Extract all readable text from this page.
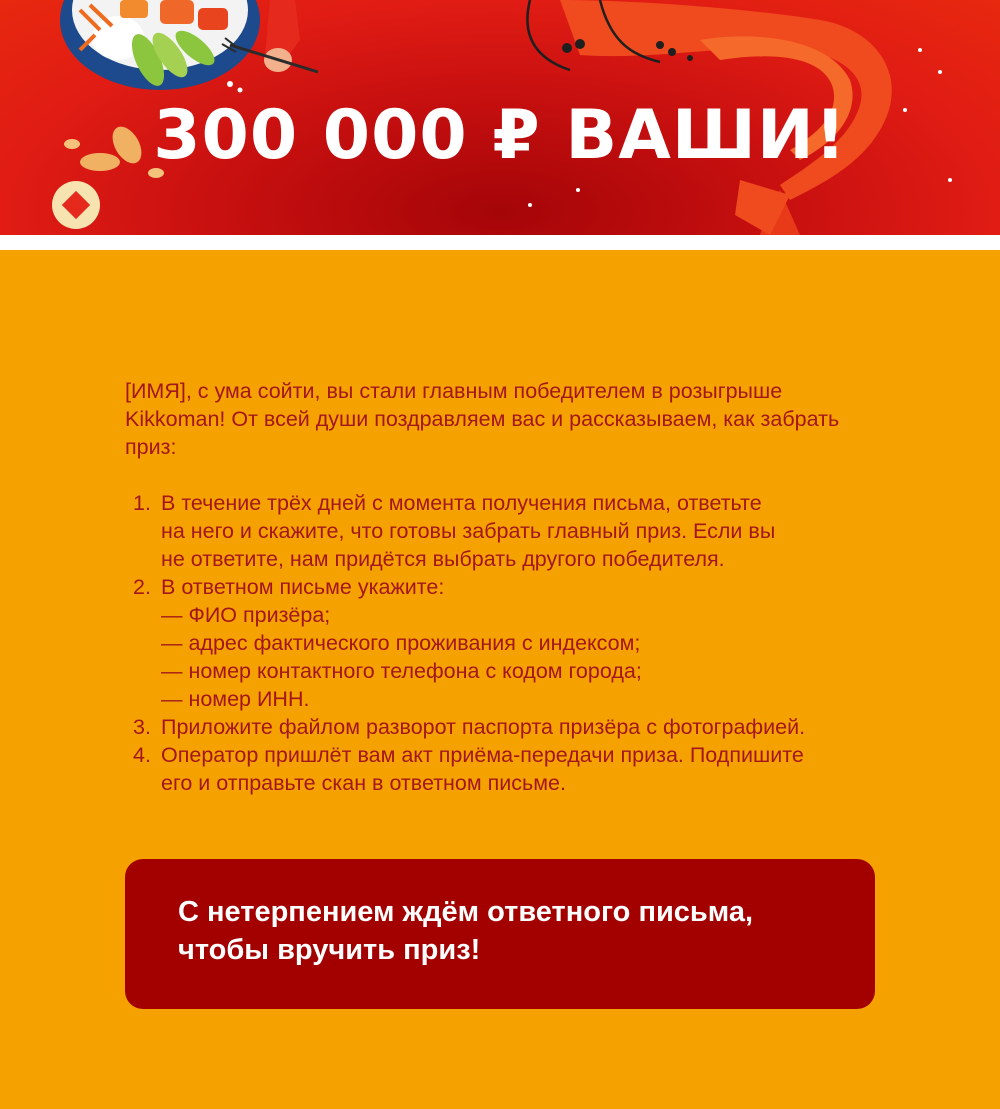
300 000 ₽ ВАШИ!

[ИМЯ], с ума сойти, вы стали главным победителем в розыгрыше Kikkoman! От всей души поздравляем вас и рассказываем, как забрать приз:

1. В течение трёх дней с момента получения письма, ответьте
на него и скажите, что готовы забрать главный приз. Если вы
не ответите, нам придётся выбрать другого победителя.
2. В ответном письме укажите:
— ФИО призёра;
— адрес фактического проживания с индексом;
— номер контактного телефона с кодом города;
— номер ИНН.
3. Приложите файлом разворот паспорта призёра с фотографией.
4. Оператор пришлёт вам акт приёма-передачи приза. Подпишите
его и отправьте скан в ответном письме.
С нетерпением ждём ответного письма,
чтобы вручить приз!
